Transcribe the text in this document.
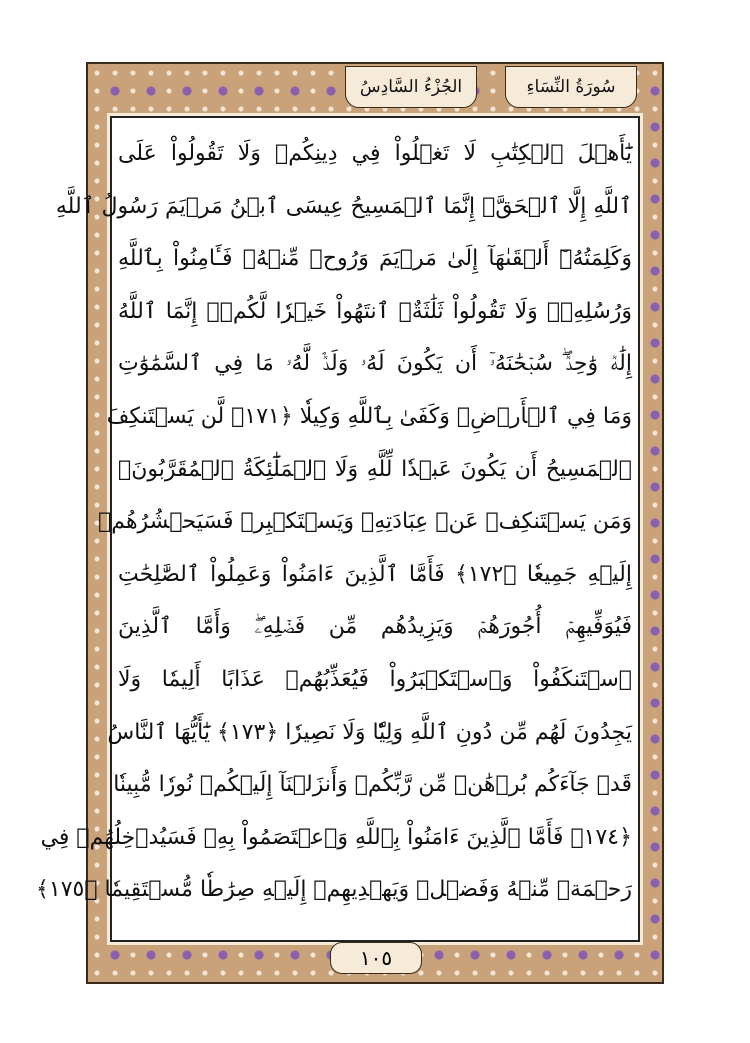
الجُزْءُ السَّادِسُ	سُورَةُ النِّسَاءِ
يَٰٓأَهۡلَ ٱلۡكِتَٰبِ لَا تَغۡلُواْ فِي دِينِكُمۡ وَلَا تَقُولُواْ عَلَى
ٱللَّهِ إِلَّا ٱلۡحَقَّۚ إِنَّمَا ٱلۡمَسِيحُ عِيسَى ٱبۡنُ مَرۡيَمَ رَسُولُ ٱللَّهِ
وَكَلِمَتُهُۥٓ أَلۡقَىٰهَآ إِلَىٰ مَرۡيَمَ وَرُوحٞ مِّنۡهُۖ فَـَٔامِنُواْ بِٱللَّهِ
وَرُسُلِهِۦۖ وَلَا تَقُولُواْ ثَلَٰثَةٌۚ ٱنتَهُواْ خَيۡرٗا لَّكُمۡۚ إِنَّمَا ٱللَّهُ
إِلَٰهٞ وَٰحِدٞۖ سُبۡحَٰنَهُۥٓ أَن يَكُونَ لَهُۥ وَلَدٞۘ لَّهُۥ مَا فِي ٱلسَّمَٰوَٰتِ
وَمَا فِي ٱلۡأَرۡضِۗ وَكَفَىٰ بِٱللَّهِ وَكِيلٗا ﴿١٧١﴾ لَّن يَسۡتَنكِفَ
ٱلۡمَسِيحُ أَن يَكُونَ عَبۡدٗا لِّلَّهِ وَلَا ٱلۡمَلَٰٓئِكَةُ ٱلۡمُقَرَّبُونَۚ
وَمَن يَسۡتَنكِفۡ عَنۡ عِبَادَتِهِۦ وَيَسۡتَكۡبِرۡ فَسَيَحۡشُرُهُمۡ
إِلَيۡهِ جَمِيعٗا ﴿١٧٢﴾ فَأَمَّا ٱلَّذِينَ ءَامَنُواْ وَعَمِلُواْ ٱلصَّٰلِحَٰتِ
فَيُوَفِّيهِمۡ أُجُورَهُمۡ وَيَزِيدُهُم مِّن فَضۡلِهِۦۖ وَأَمَّا ٱلَّذِينَ
ٱسۡتَنكَفُواْ وَٱسۡتَكۡبَرُواْ فَيُعَذِّبُهُمۡ عَذَابًا أَلِيمٗا وَلَا
يَجِدُونَ لَهُم مِّن دُونِ ٱللَّهِ وَلِيّٗا وَلَا نَصِيرٗا ﴿١٧٣﴾ يَٰٓأَيُّهَا ٱلنَّاسُ
قَدۡ جَآءَكُم بُرۡهَٰنٞ مِّن رَّبِّكُمۡ وَأَنزَلۡنَآ إِلَيۡكُمۡ نُورٗا مُّبِينٗا
﴿١٧٤﴾ فَأَمَّا ٱلَّذِينَ ءَامَنُواْ بِٱللَّهِ وَٱعۡتَصَمُواْ بِهِۦ فَسَيُدۡخِلُهُمۡ فِي
رَحۡمَةٖ مِّنۡهُ وَفَضۡلٖ وَيَهۡدِيهِمۡ إِلَيۡهِ صِرَٰطٗا مُّسۡتَقِيمٗا ﴿١٧٥﴾
١٠٥
